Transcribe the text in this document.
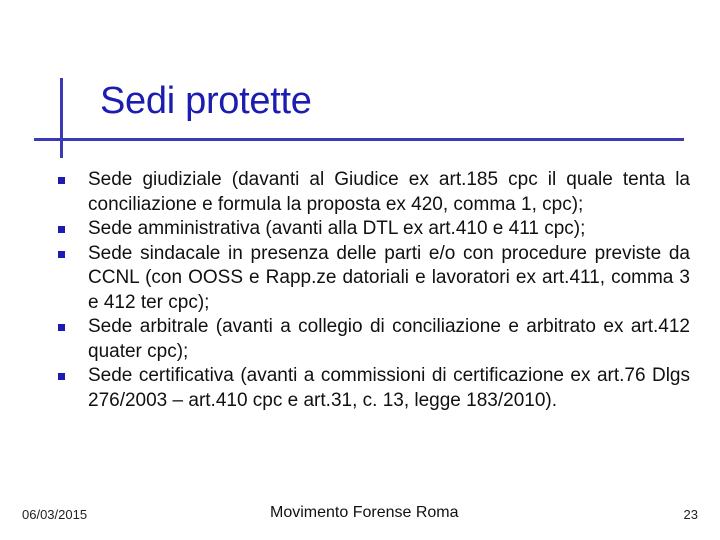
Sedi protette
Sede giudiziale (davanti al Giudice ex art.185 cpc il quale tenta la conciliazione e formula la proposta ex 420, comma 1, cpc);
Sede amministrativa (avanti alla DTL ex art.410 e 411 cpc);
Sede sindacale in presenza delle parti e/o con procedure previste da CCNL (con OOSS e Rapp.ze datoriali e lavoratori ex art.411, comma 3 e 412 ter cpc);
Sede arbitrale (avanti a collegio di conciliazione e arbitrato ex art.412 quater cpc);
Sede certificativa (avanti a commissioni di certificazione ex art.76 Dlgs 276/2003 – art.410 cpc e art.31, c. 13, legge 183/2010).
06/03/2015	Movimento Forense Roma	23
